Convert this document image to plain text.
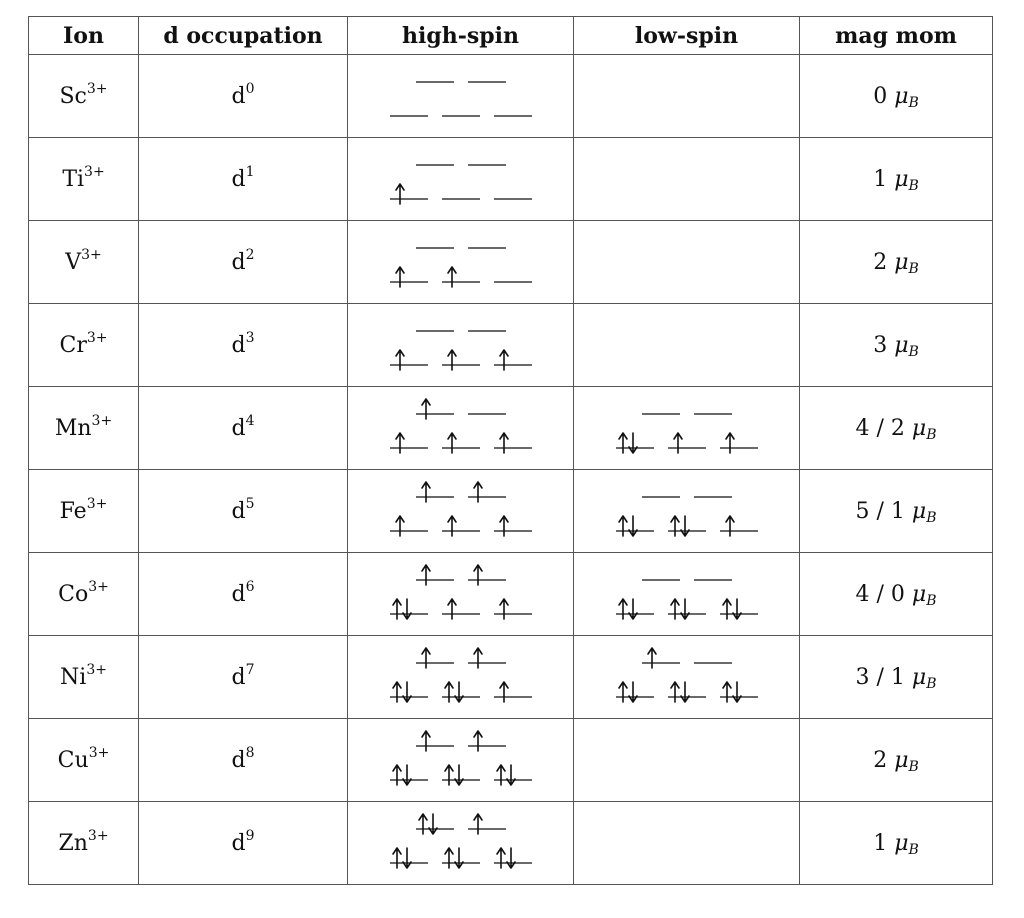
Ion	d occupation	high-spin	low-spin	mag mom
$Sc^{3+}$	$d^0$			0 $\mu_B$
$Ti^{3+}$	$d^1$			1 $\mu_B$
$V^{3+}$	$d^2$			2 $\mu_B$
$Cr^{3+}$	$d^3$			3 $\mu_B$
$Mn^{3+}$	$d^4$			4 / 2 $\mu_B$
$Fe^{3+}$	$d^5$			5 / 1 $\mu_B$
$Co^{3+}$	$d^6$			4 / 0 $\mu_B$
$Ni^{3+}$	$d^7$			3 / 1 $\mu_B$
$Cu^{3+}$	$d^8$			2 $\mu_B$
$Zn^{3+}$	$d^9$			1 $\mu_B$
